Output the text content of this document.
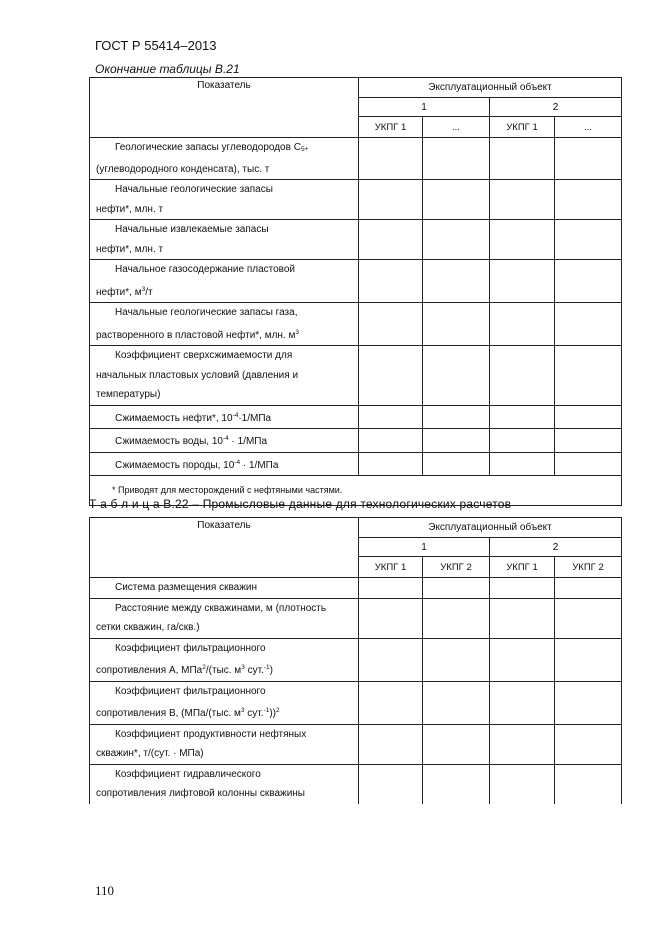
ГОСТ Р 55414–2013
Окончание таблицы В.21
Показатель	Эксплуатационный объект			
	1		2	
	УКПГ 1	...	УКПГ 1	...

Геологические запасы углеводородов $С_{5+}$
(углеводородного конденсата), тыс. т				

Начальные геологические запасы
нефти*, млн. т				

Начальные извлекаемые запасы
нефти*, млн. т				

Начальное газосодержание пластовой
нефти*, $м^3/т$				

Начальные геологические запасы газа,
растворенного в пластовой нефти*, млн. $м^3$

Коэффициент сверхсжимаемости для
начальных пластовых условий (давления и
температуры)				

Сжимаемость нефти*, $10^{-4}\cdot 1$/МПа				

Сжимаемость воды, $10^{-4} \cdot 1/МПа$				

Сжимаемость породы, $10^{-4} \cdot 1/МПа$				

* Приводят для месторождений с нефтяными частями.				
Т а б л и ц а В.22 – Промысловые данные для технологических расчетов
Показатель	Эксплуатационный объект			
	1		2	
	УКПГ 1	УКПГ 2	УКПГ 1	УКПГ 2

Система размещения скважин				

Расстояние между скважинами, м (плотность
сетки скважин, га/скв.)				

Коэффициент фильтрационного
сопротивления А, МПа$^2$/(тыс. $м^3$ сут.$^{-1}$)				

Коэффициент фильтрационного
сопротивления В, (МПа/(тыс. $м^3$ сут.$^{-1}$))$^2$

Коэффициент продуктивности нефтяных
скважин*, т/(сут. · МПа)				

Коэффициент гидравлического
сопротивления лифтовой колонны скважины				

110
